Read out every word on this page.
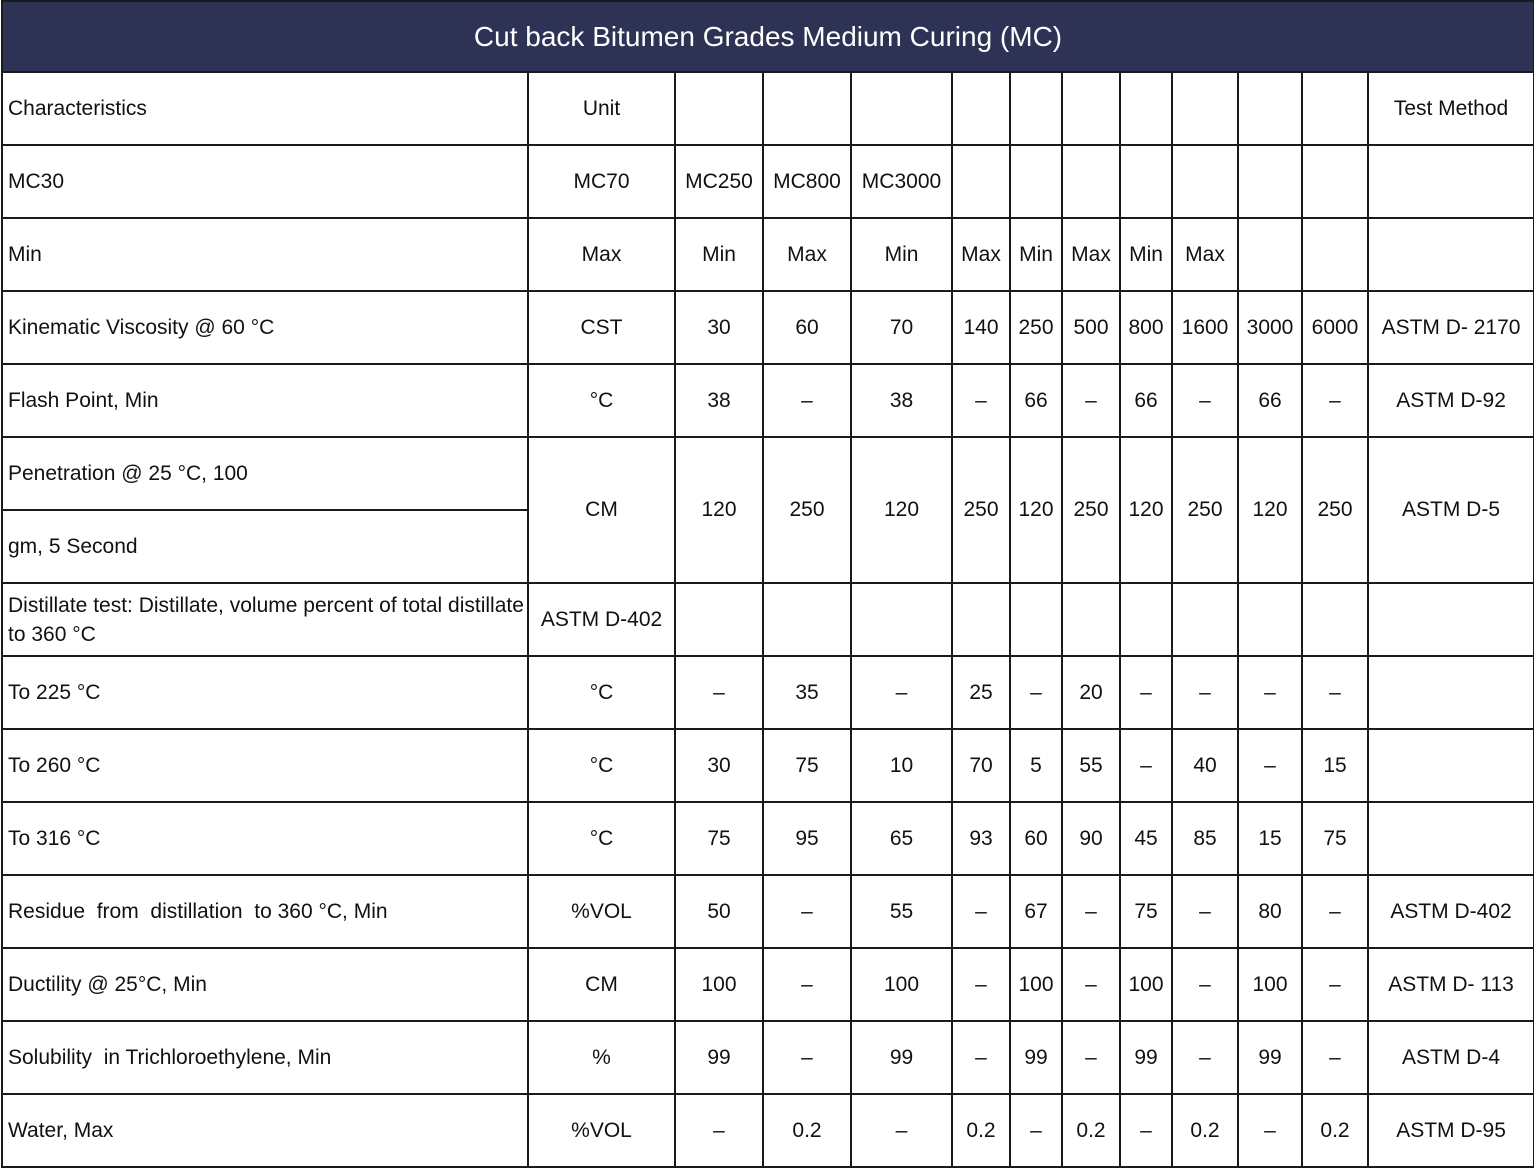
Cut back Bitumen Grades Medium Curing (MC)												
Characteristics	Unit											Test Method
MC30	MC70	MC250	MC800	MC3000								
Min	Max	Min	Max	Min	Max	Min	Max	Min	Max			
Kinematic Viscosity @ 60 °C	CST	30	60	70	140	250	500	800	1600	3000	6000	ASTM D- 2170
Flash Point, Min	°C	38	–	38	–	66	–	66	–	66	–	ASTM D-92
Penetration @ 25 °C, 100	CM	120	250	120	250	120	250	120	250	120	250	ASTM D-5
gm, 5 Second												
Distillate test: Distillate, volume percent of total distillate to 360 °C	ASTM D-402											
To 225 °C	°C	–	35	–	25	–	20	–	–	–	–	
To 260 °C	°C	30	75	10	70	5	55	–	40	–	15	
To 316 °C	°C	75	95	65	93	60	90	45	85	15	75	
Residue  from  distillation  to 360 °C, Min	%VOL	50	–	55	–	67	–	75	–	80	–	ASTM D-402
Ductility @ 25°C, Min	CM	100	–	100	–	100	–	100	–	100	–	ASTM D- 113
Solubility  in Trichloroethylene, Min	%	99	–	99	–	99	–	99	–	99	–	ASTM D-4
Water, Max	%VOL	–	0.2	–	0.2	–	0.2	–	0.2	–	0.2	ASTM D-95
